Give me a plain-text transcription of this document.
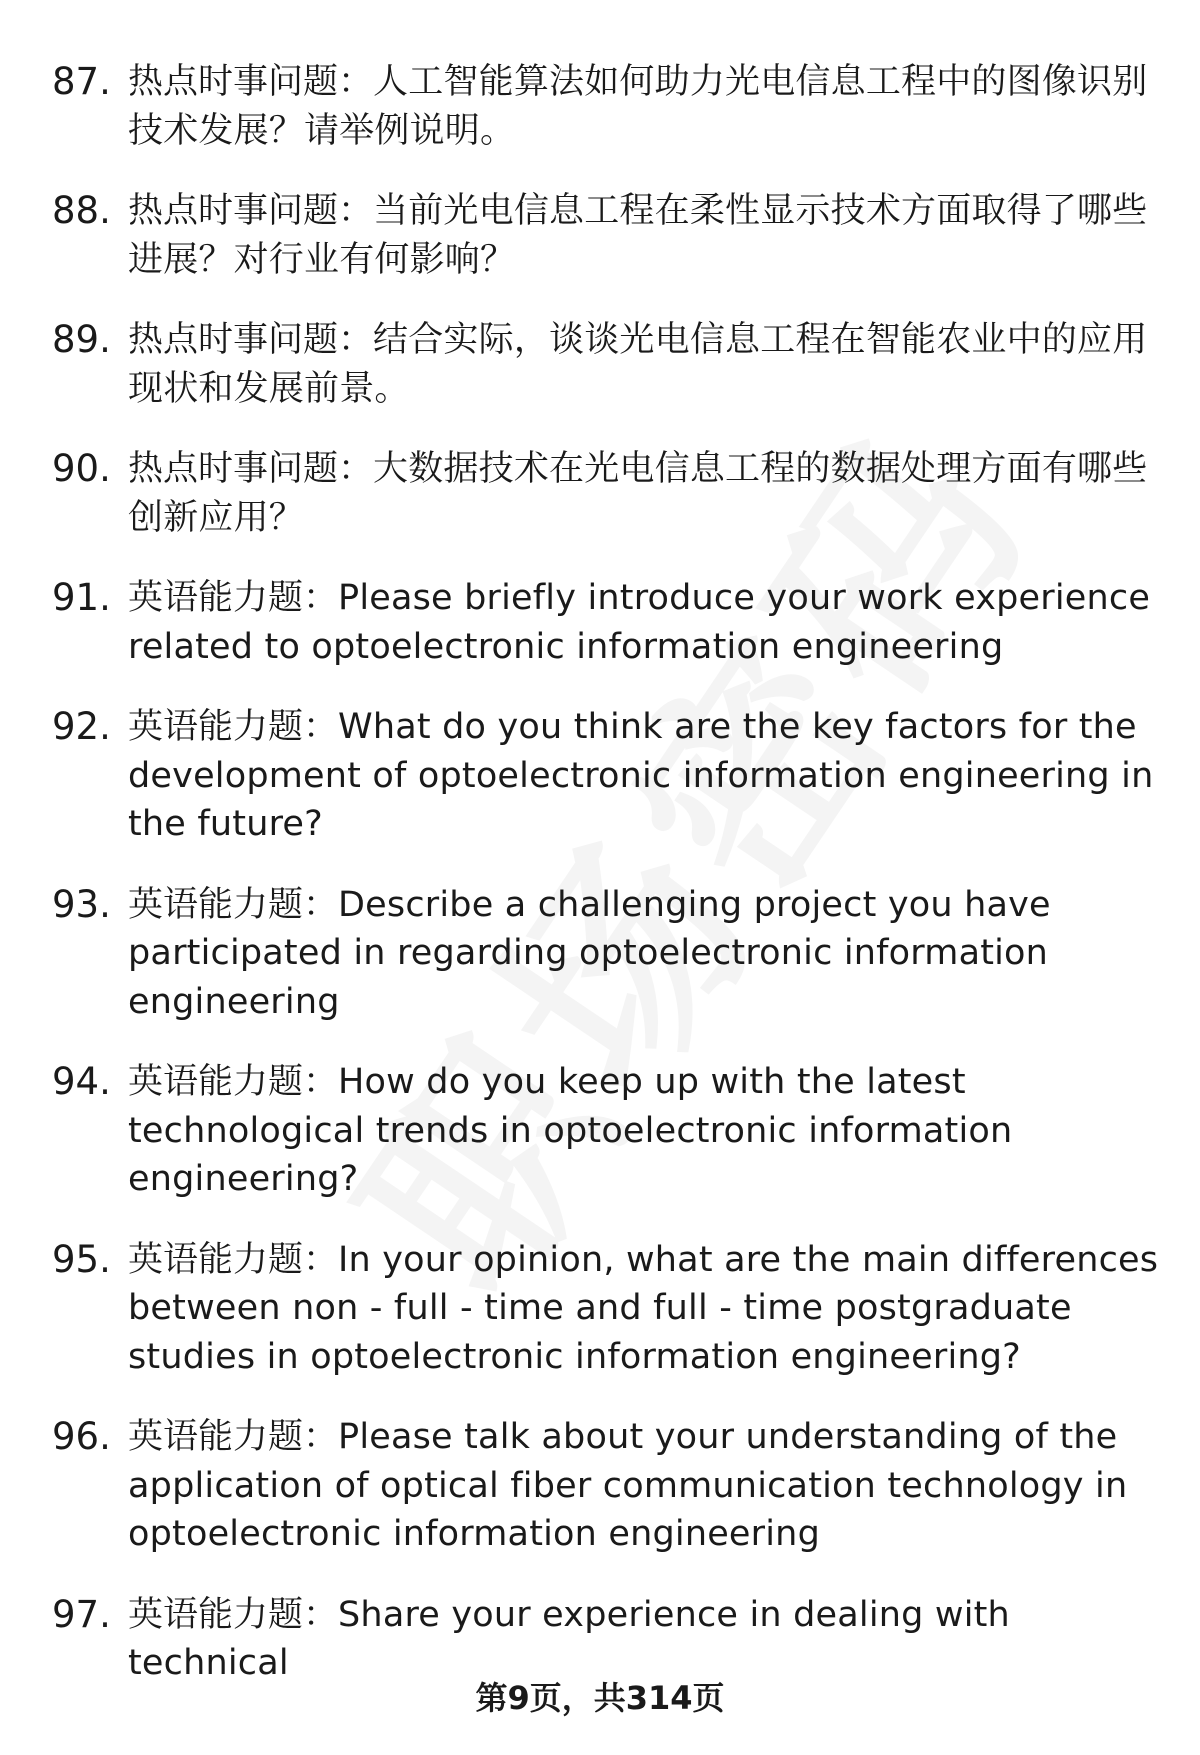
87. 热点时事问题：人工智能算法如何助力光电信息工程中的图像识别技术发展？请举例说明。
88. 热点时事问题：当前光电信息工程在柔性显示技术方面取得了哪些进展？对行业有何影响？
89. 热点时事问题：结合实际，谈谈光电信息工程在智能农业中的应用现状和发展前景。
90. 热点时事问题：大数据技术在光电信息工程的数据处理方面有哪些创新应用？
91. 英语能力题：Please briefly introduce your work experience related to optoelectronic information engineering
92. 英语能力题：What do you think are the key factors for the development of optoelectronic information engineering in the future?
93. 英语能力题：Describe a challenging project you have participated in regarding optoelectronic information engineering
94. 英语能力题：How do you keep up with the latest technological trends in optoelectronic information engineering?
95. 英语能力题：In your opinion, what are the main differences between non - full - time and full - time postgraduate studies in optoelectronic information engineering?
96. 英语能力题：Please talk about your understanding of the application of optical fiber communication technology in optoelectronic information engineering
97. 英语能力题：Share your experience in dealing with technical
第9页，共314页
